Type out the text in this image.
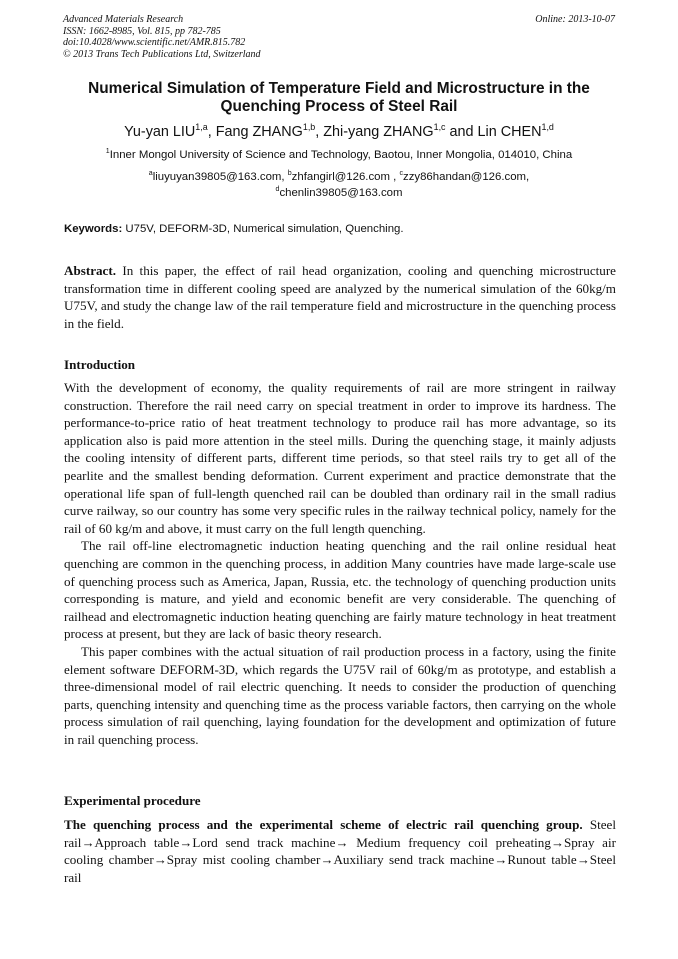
Advanced Materials Research
ISSN: 1662-8985, Vol. 815, pp 782-785
doi:10.4028/www.scientific.net/AMR.815.782
© 2013 Trans Tech Publications Ltd, Switzerland
Online: 2013-10-07
Numerical Simulation of Temperature Field and Microstructure in the
Quenching Process of Steel Rail
Yu-yan LIU$^{1,a}$, Fang ZHANG$^{1,b}$, Zhi-yang ZHANG$^{1,c}$ and Lin CHEN$^{1,d}$
$^1$Inner Mongol University of Science and Technology, Baotou, Inner Mongolia, 014010, China
$^a$liuyuyan39805@163.com, $^b$zhfangirl@126.com , $^c$zzy86handan@126.com,
$^d$chenlin39805@163.com
Keywords: U75V, DEFORM-3D, Numerical simulation, Quenching.
Abstract. In this paper, the effect of rail head organization, cooling and quenching microstructure transformation time in different cooling speed are analyzed by the numerical simulation of the 60kg/m U75V, and study the change law of the rail temperature field and microstructure in the quenching process in the field.
Introduction

With the development of economy, the quality requirements of rail are more stringent in railway construction. Therefore the rail need carry on special treatment in order to improve its hardness. The performance-to-price ratio of heat treatment technology to produce rail has more advantage, so its application also is paid more attention in the steel mills. During the quenching stage, it mainly adjusts the cooling intensity of different parts, different time periods, so that steel rails try to get all of the pearlite and the smallest bending deformation. Current experiment and practice demonstrate that the operational life span of full-length quenched rail can be doubled than ordinary rail in the small radius curve railway, so our country has some very specific rules in the railway technical policy, namely for the rail of 60 kg/m and above, it must carry on the full length quenching.

The rail off-line electromagnetic induction heating quenching and the rail online residual heat quenching are common in the quenching process, in addition Many countries have made large-scale use of quenching process such as America, Japan, Russia, etc. the technology of quenching production units corresponding is mature, and yield and economic benefit are very considerable. The quenching of railhead and electromagnetic induction heating quenching are fairly mature technology in heat treatment process at present, but they are lack of basic theory research.

This paper combines with the actual situation of rail production process in a factory, using the finite element software DEFORM-3D, which regards the U75V rail of 60kg/m as prototype, and establish a three-dimensional model of rail electric quenching. It needs to consider the production of quenching parts, quenching intensity and quenching time as the process variable factors, then carrying on the whole process simulation of rail quenching, laying foundation for the development and optimization of future in rail quenching process.

Experimental procedure
The quenching process and the experimental scheme of electric rail quenching group. Steel rail→Approach table→Lord send track machine→ Medium frequency coil preheating→Spray air cooling chamber→Spray mist cooling chamber→Auxiliary send track machine→Runout table→Steel rail
